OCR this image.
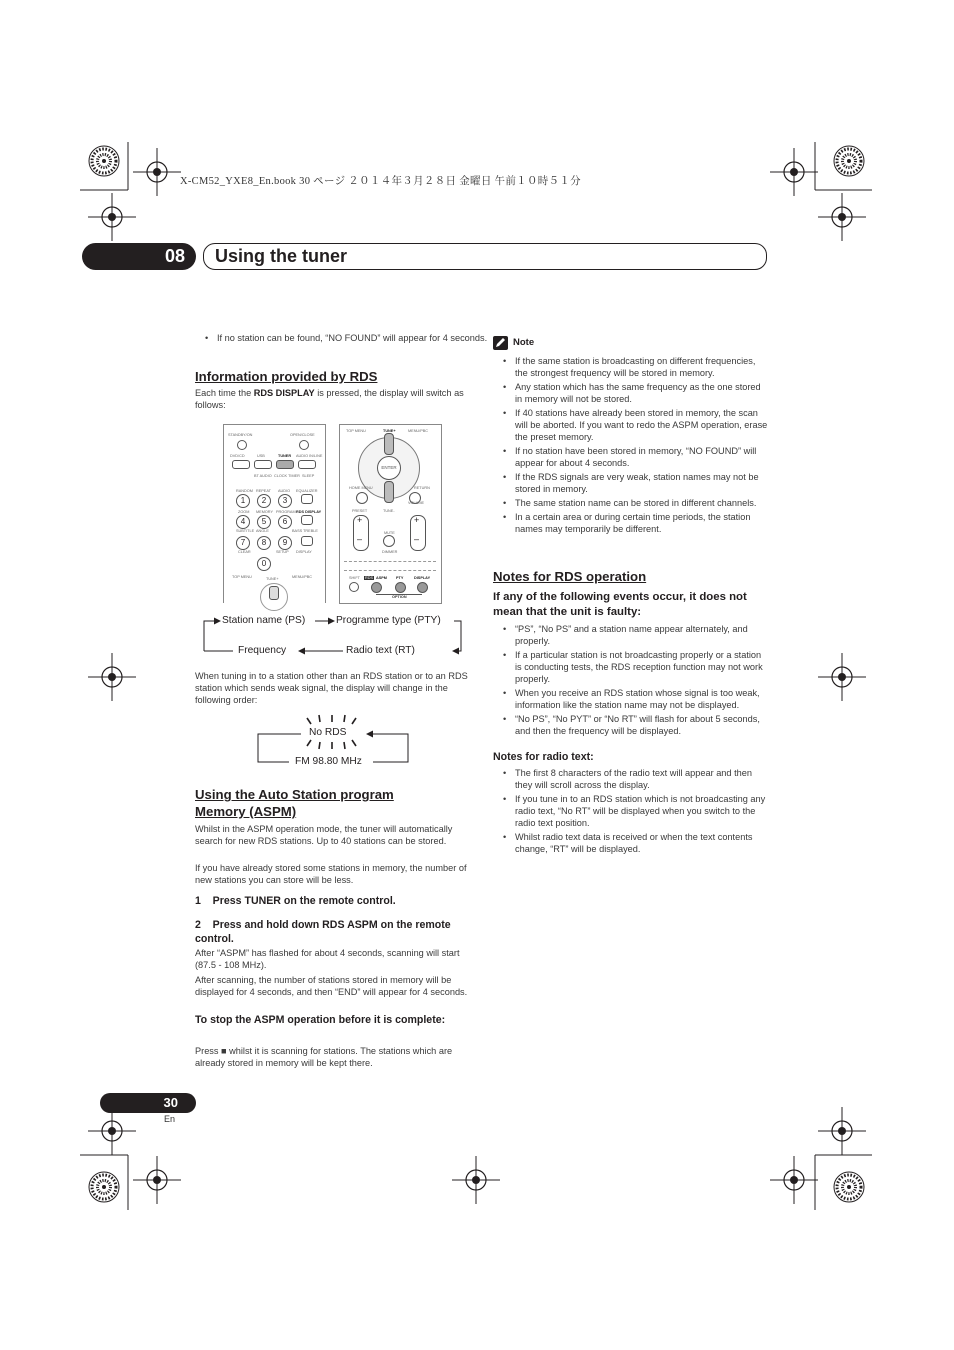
X-CM52_YXE8_En.book 30 ページ ２０１４年３月２８日 金曜日 午前１０時５１分
08	Using the tuner
• If no station can be found, “NO FOUND” will appear for 4 seconds.
Information provided by RDS
Each time the RDS DISPLAY is pressed, the display will switch as follows:
STANDBY/ON	OPEN/CLOSE
DVD/CD	USB	TUNER AUDIO IN/LINE
BT AUDIO CLOCK TIMER SLEEP
RANDOM REPEAT AUDIO EQUALIZER
ZOOM MEMORY PROGRAM RDS DISPLAY
SUBTITLE ANGLE	BASS TREBLE
CLEAR	SETUP DISPLAY
TOP MENU	TUNE+	MENU/PBC
1	2	3
4	5	6
7	8	9
0
TOP MENU	TUNE+	MENU/PBC
ENTER
HOME MENU	RETURN
PRESET	TUNE-
VOLUME
+
–
+
–
MUTE
DIMMER
SHIFT RDS ASPM PTY	DISPLAY
OPTION
Station name (PS)	Programme type (PTY)
Frequency	Radio text (RT)
When tuning in to a station other than an RDS station or to an RDS station which sends weak signal, the display will change in the following order:
No RDS
FM 98.80 MHz
Using the Auto Station program
Memory (ASPM)
Whilst in the ASPM operation mode, the tuner will automatically search for new RDS stations. Up to 40 stations can be stored.
If you have already stored some stations in memory, the number of new stations you can store will be less.
1    Press TUNER on the remote control.
2    Press and hold down RDS ASPM on the remote control.
After “ASPM” has flashed for about 4 seconds, scanning will start (87.5 - 108 MHz).
After scanning, the number of stations stored in memory will be displayed for 4 seconds, and then “END” will appear for 4 seconds.
To stop the ASPM operation before it is complete:
Press ■ whilst it is scanning for stations. The stations which are already stored in memory will be kept there.
Note
• If the same station is broadcasting on different frequencies, the strongest frequency will be stored in memory.
• Any station which has the same frequency as the one stored in memory will not be stored.
• If 40 stations have already been stored in memory, the scan will be aborted. If you want to redo the ASPM operation, erase the preset memory.
• If no station have been stored in memory, “NO FOUND” will appear for about 4 seconds.
• If the RDS signals are very weak, station names may not be stored in memory.
• The same station name can be stored in different channels.
• In a certain area or during certain time periods, the station names may temporarily be different.
Notes for RDS operation
If any of the following events occur, it does not mean that the unit is faulty:
• “PS”, “No PS” and a station name appear alternately, and properly.
• If a particular station is not broadcasting properly or a station is conducting tests, the RDS reception function may not work properly.
• When you receive an RDS station whose signal is too weak, information like the station name may not be displayed.
• “No PS”, “No PYT” or “No RT” will flash for about 5 seconds, and then the frequency will be displayed.
Notes for radio text:
• The first 8 characters of the radio text will appear and then they will scroll across the display.
• If you tune in to an RDS station which is not broadcasting any radio text, “No RT” will be displayed when you switch to the radio text position.
• Whilst radio text data is received or when the text contents change, “RT” will be displayed.
30
En
